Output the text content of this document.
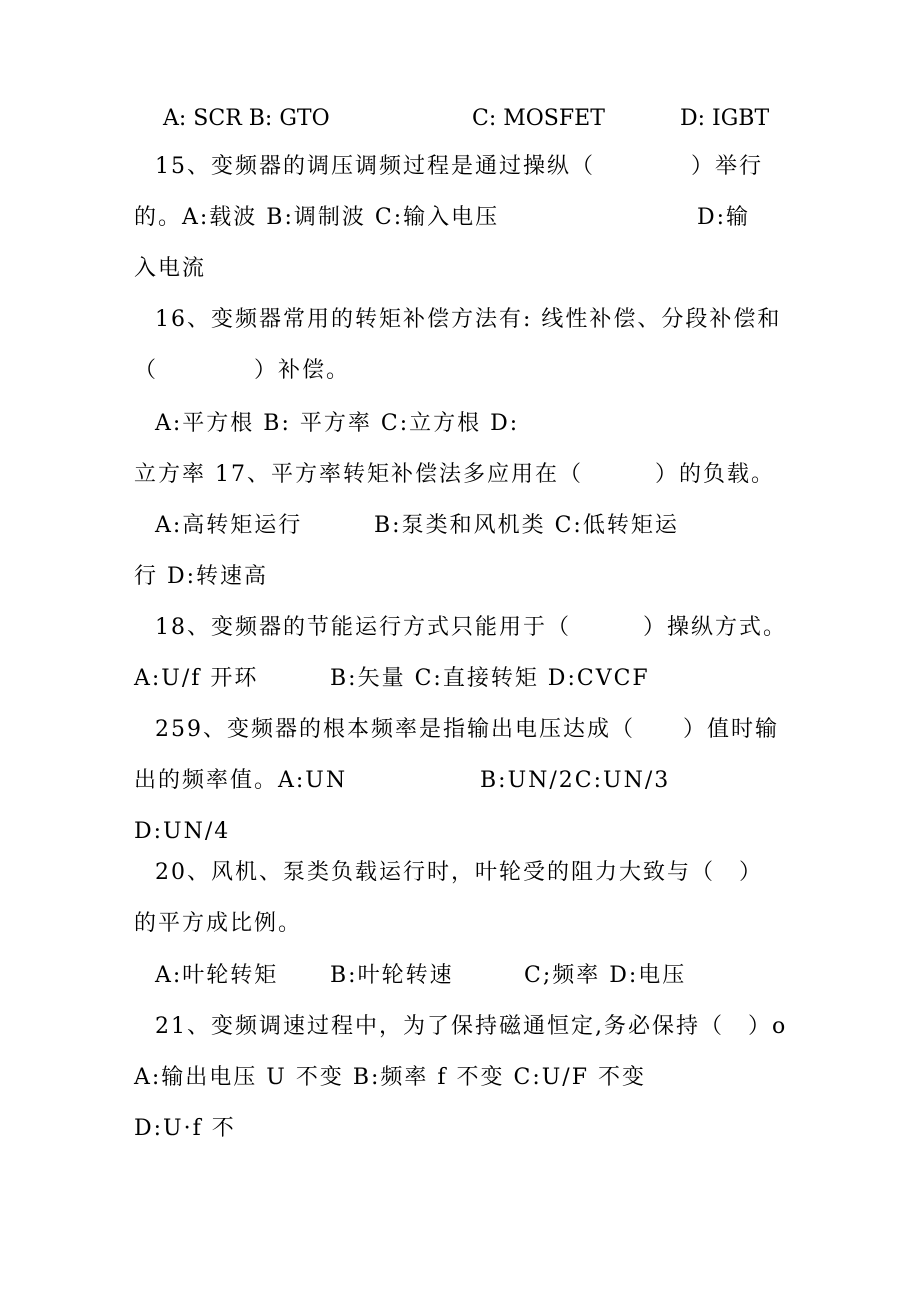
A: SCR B: GTO	C: MOSFET	D: IGBT
15、变频器的调压调频过程是通过操纵（　　　　）举行
的。A:载波 B:调制波 C:输入电压	D:输
入电流
16、变频器常用的转矩补偿方法有: 线性补偿、分段补偿和
（　　　　）补偿。
A:平方根 B: 平方率 C:立方根 D:
立方率 17、平方率转矩补偿法多应用在（　　　）的负载。
A:高转矩运行	B:泵类和风机类 C:低转矩运
行 D:转速高
18、变频器的节能运行方式只能用于（　　　）操纵方式。
A:U/f 开环	B:矢量 C:直接转矩 D:CVCF
259、变频器的根本频率是指输出电压达成（　　）值时输
出的频率值。A:UN	B:UN/2C:UN/3
D:UN/4
20、风机、泵类负载运行时，叶轮受的阻力大致与（　）
的平方成比例。
A:叶轮转矩 B:叶轮转速	C;频率 D:电压
21、变频调速过程中，为了保持磁通恒定,务必保持（　）o
A:输出电压 U 不变 B:频率 f 不变 C:U/F 不变
D:U·f 不
